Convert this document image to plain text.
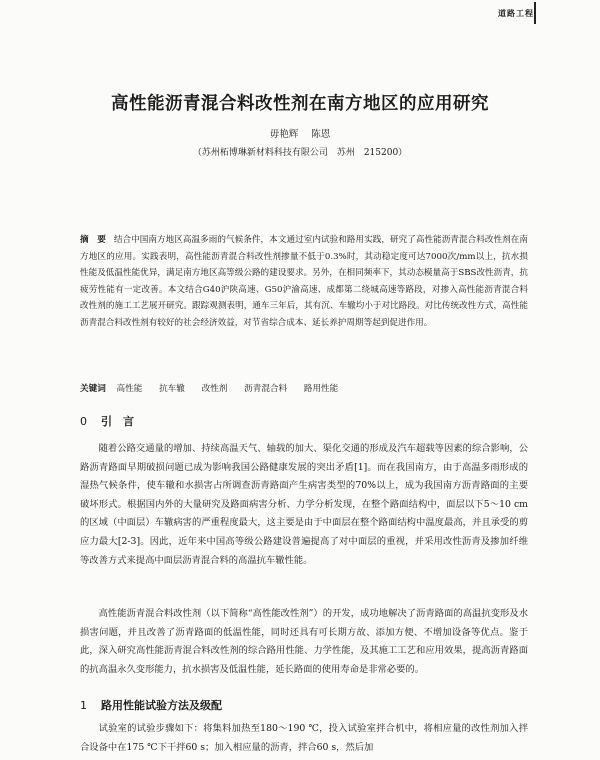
道路工程
高性能沥青混合料改性剂在南方地区的应用研究
毋艳辉 陈恩
（苏州柘博琳新材料科技有限公司　苏州　215200）
摘　要 结合中国南方地区高温多雨的气候条件，本文通过室内试验和路用实践，研究了高性能沥青混合料改性剂在南方地区的应用。实践表明，高性能沥青混合料改性剂掺量不低于0.3%时，其动稳定度可达7000次/mm以上，抗水损性能及低温性能优异，满足南方地区高等级公路的建设要求。另外，在相同频率下，其动态模量高于SBS改性沥青，抗疲劳性能有一定改善。本文结合G40沪陕高速、G50沪渝高速、成都第二绕城高速等路段，对掺入高性能沥青混合料改性剂的施工工艺展开研究。跟踪观测表明，通车三年后，其有沉、车辙均小于对比路段。对比传统改性方式，高性能沥青混合料改性剂有较好的社会经济效益，对节省综合成本、延长养护周期等起到促进作用。
关键词 高性能 抗车辙 改性剂 沥青混合料 路用性能
0 引　言
随着公路交通量的增加、持续高温天气、轴载的加大、渠化交通的形成及汽车超载等因素的综合影响，公路沥青路面早期破损问题已成为影响我国公路健康发展的突出矛盾[1]。而在我国南方，由于高温多雨形成的湿热气候条件，使车辙和水损害占所调查沥青路面产生病害类型的70%以上，成为我国南方沥青路面的主要破坏形式。根据国内外的大量研究及路面病害分析、力学分析发现，在整个路面结构中，面层以下5～10 cm的区域（中面层）车辙病害的严重程度最大，这主要是由于中面层在整个路面结构中温度最高，并且承受的剪应力最大[2-3]。因此，近年来中国高等级公路建设普遍提高了对中面层的重视，并采用改性沥青及掺加纤维等改善方式来提高中面层沥青混合料的高温抗车辙性能。
高性能沥青混合料改性剂（以下简称“高性能改性剂”）的开发，成功地解决了沥青路面的高温抗变形及水损害问题，并且改善了沥青路面的低温性能，同时还具有可长期方故、添加方便、不增加设备等优点。鉴于此，深入研究高性能沥青混合料改性剂的综合路用性能、力学性能，及其施工工艺和应用效果，提高沥青路面的抗高温永久变形能力，抗水损害及低温性能，延长路面的使用寿命是非常必要的。
1 路用性能试验方法及级配
试验室的试验步骤如下：将集料加热至180～190 ℃，投入试验室拌合机中，将相应量的改性剂加入拌合设备中在175 ℃下干拌60 s；加入相应量的沥青，拌合60 s，然后加
